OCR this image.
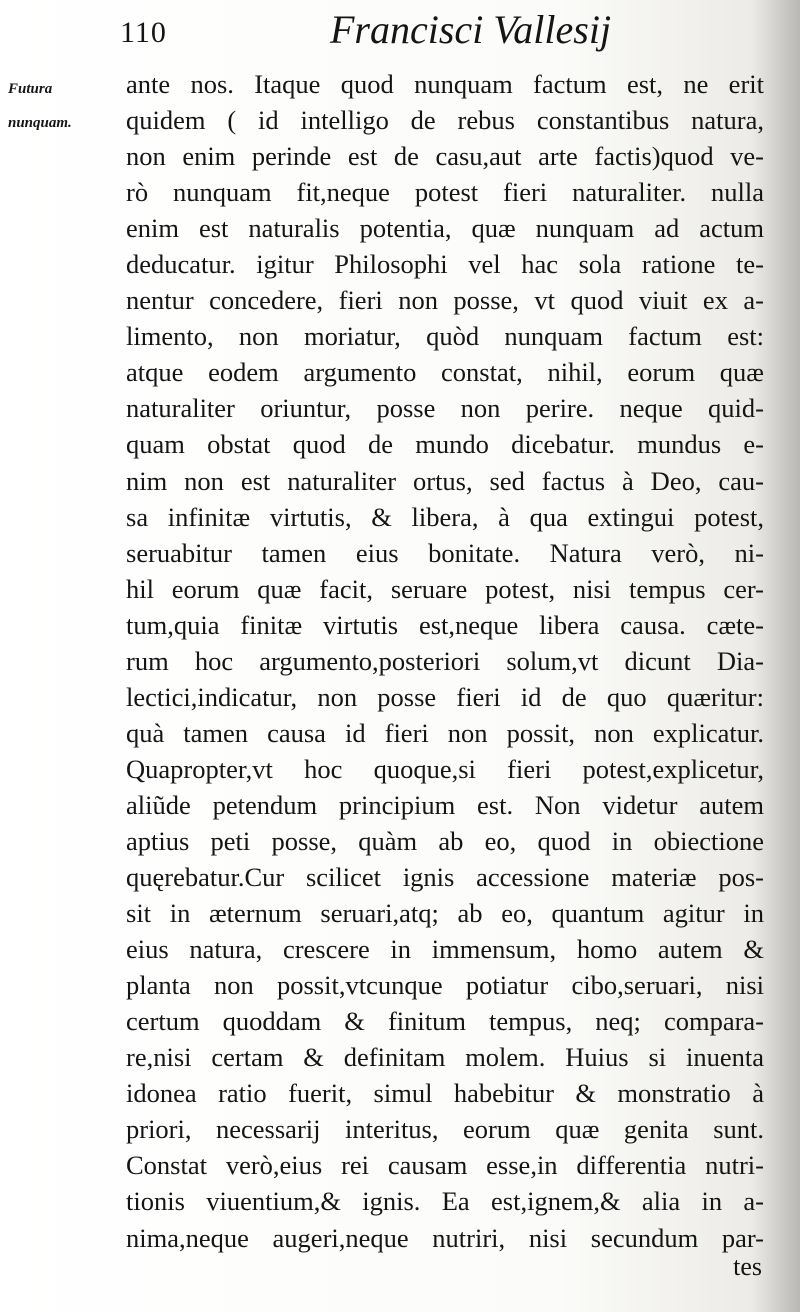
110	Francisci Vallesij
Futura
nunquam.
ante nos. Itaque quod nunquam factum est, ne erit
quidem ( id intelligo de rebus constantibus natura,
non enim perinde est de casu,aut arte factis)quod ve-
rò nunquam fit,neque potest fieri naturaliter. nulla
enim est naturalis potentia, quæ nunquam ad actum
deducatur. igitur Philosophi vel hac sola ratione te-
nentur concedere, fieri non posse, vt quod viuit ex a-
limento, non moriatur, quòd nunquam factum est:
atque eodem argumento constat, nihil, eorum quæ
naturaliter oriuntur, posse non perire. neque quid-
quam obstat quod de mundo dicebatur. mundus e-
nim non est naturaliter ortus, sed factus à Deo, cau-
sa infinitæ virtutis, & libera, à qua extingui potest,
seruabitur tamen eius bonitate. Natura verò, ni-
hil eorum quæ facit, seruare potest, nisi tempus cer-
tum,quia finitæ virtutis est,neque libera causa. cæte-
rum hoc argumento,posteriori solum,vt dicunt Dia-
lectici,indicatur, non posse fieri id de quo quæritur:
quà tamen causa id fieri non possit, non explicatur.
Quapropter,vt hoc quoque,si fieri potest,explicetur,
aliũde petendum principium est. Non videtur autem
aptius peti posse, quàm ab eo, quod in obiectione
quęrebatur.Cur scilicet ignis accessione materiæ pos-
sit in æternum seruari,atq; ab eo, quantum agitur in
eius natura, crescere in immensum, homo autem &
planta non possit,vtcunque potiatur cibo,seruari, nisi
certum quoddam & finitum tempus, neq; compara-
re,nisi certam & definitam molem. Huius si inuenta
idonea ratio fuerit, simul habebitur & monstratio à
priori, necessarij interitus, eorum quæ genita sunt.
Constat verò,eius rei causam esse,in differentia nutri-
tionis viuentium,& ignis. Ea est,ignem,& alia in a-
nima,neque augeri,neque nutriri, nisi secundum par-
tes
